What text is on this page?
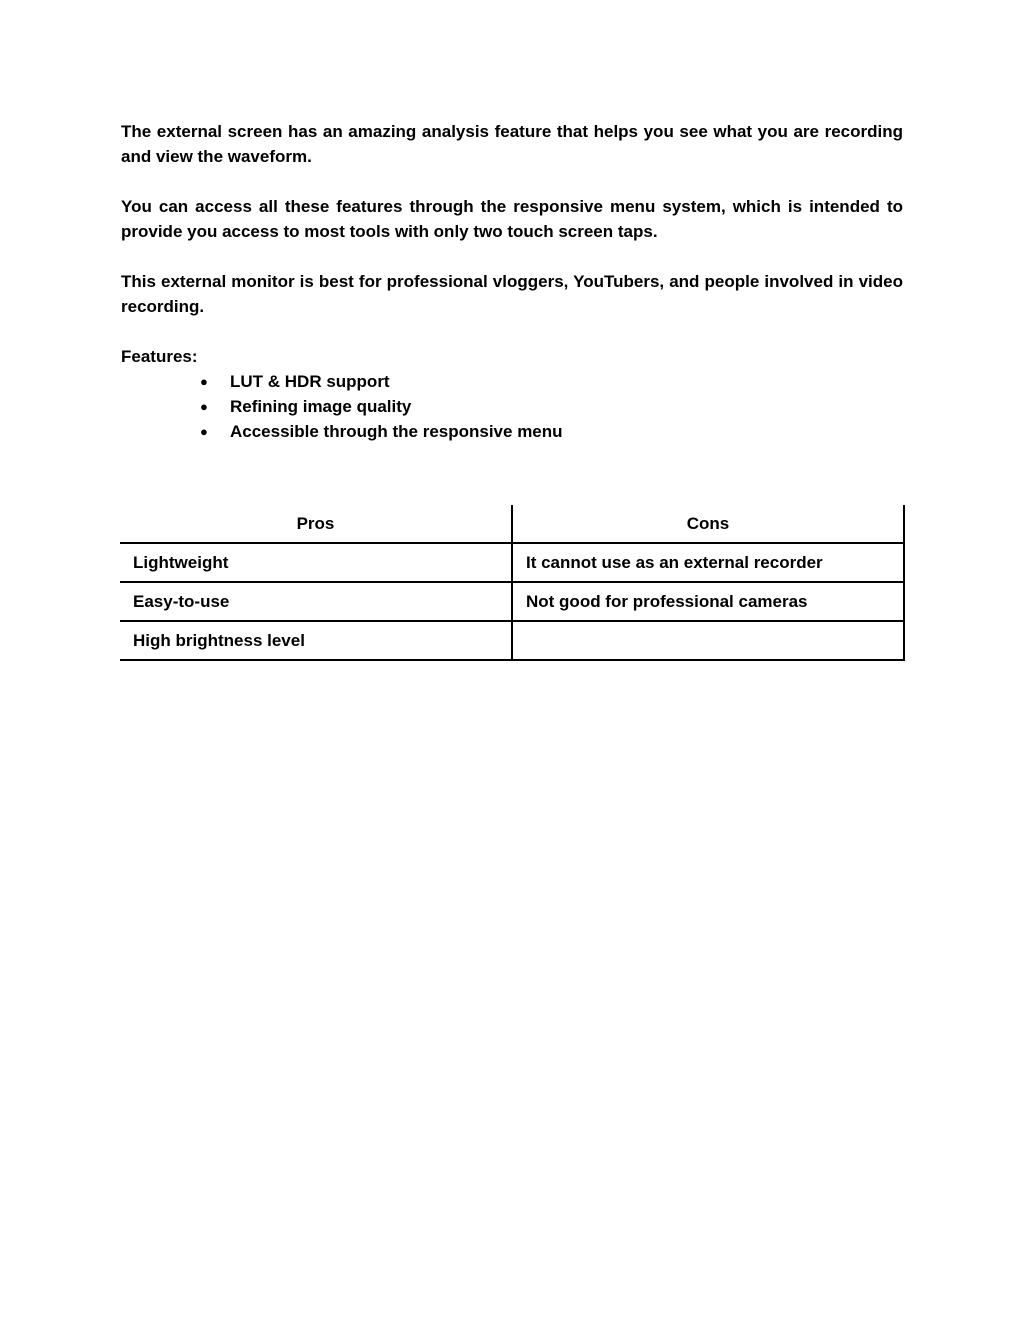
The external screen has an amazing analysis feature that helps you see what you are recording and view the waveform.

You can access all these features through the responsive menu system, which is intended to provide you access to most tools with only two touch screen taps.

This external monitor is best for professional vloggers, YouTubers, and people involved in video recording.

Features:

●	LUT & HDR support
●	Refining image quality
●	Accessible through the responsive menu
Pros	Cons
Lightweight	It cannot use as an external recorder
Easy-to-use	Not good for professional cameras
High brightness level	
